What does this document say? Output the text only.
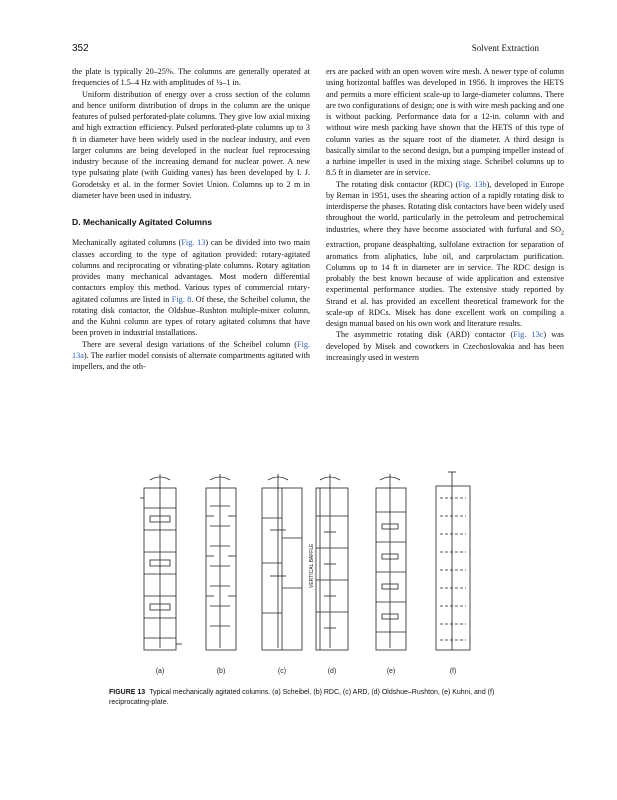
352	Solvent Extraction

the plate is typically 20–25%. The columns are generally operated at frequencies of 1.5–4 Hz with amplitudes of ¼–1 in.

Uniform distribution of energy over a cross section of the column and hence uniform distribution of drops in the column are the unique features of pulsed perforated-plate columns. They give low axial mixing and high extraction efficiency. Pulsed perforated-plate columns up to 3 ft in diameter have been widely used in the nuclear industry, and even larger columns are being developed in the nuclear fuel reprocessing industry because of the increasing demand for nuclear power. A new type pulsating plate (with Guiding vanes) has been developed by I. J. Gorodetsky et al. in the former Soviet Union. Columns up to 2 m in diameter have been used in industry.

D. Mechanically Agitated Columns

Mechanically agitated columns (Fig. 13) can be divided into two main classes according to the type of agitation provided: rotary-agitated columns and reciprocating or vibrating-plate columns. Rotary agitation provides many mechanical advantages. Most modern differential contactors employ this method. Various types of commercial rotary-agitated columns are listed in Fig. 8. Of these, the Scheibel column, the rotating disk contactor, the Oldshue–Rushton multiple-mixer column, and the Kuhni column are types of rotary agitated columns that have been proven in industrial installations.

There are several design variations of the Scheibel column (Fig. 13a). The earlier model consists of alternate compartments agitated with impellers, and the oth-

ers are packed with an open woven wire mesh. A newer type of column using horizontal baffles was developed in 1956. It improves the HETS and permits a more efficient scale-up to large-diameter columns. There are two configurations of design; one is with wire mesh packing and one is without packing. Performance data for a 12-in. column with and without wire mesh packing have shown that the HETS of this type of column varies as the square root of the diameter. A third design is basically similar to the second design, but a pumping impeller instead of a turbine impeller is used in the mixing stage. Scheibel columns up to 8.5 ft in diameter are in service.

The rotating disk contactor (RDC) (Fig. 13b), developed in Europe by Reman in 1951, uses the shearing action of a rapidly rotating disk to interdisperse the phases. Rotating disk contactors have been widely used throughout the world, particularly in the petroleum and petrochemical industries, where they have become associated with furfural and $SO_2$ extraction, propane deasphalting, sulfolane extraction for separation of aromatics from aliphatics, lube oil, and carprolactam purification. Columns up to 14 ft in diameter are in service. The RDC design is probably the best known because of wide application and extensive experimental performance studies. The extensive study reported by Strand et al. has provided an excellent theoretical framework for the scale-up of RDCs. Misek has done excellent work on compiling a design manual based on his own work and literature results.

The asymmetric rotating disk (ARD) contactor (Fig. 13c) was developed by Misek and coworkers in Czechoslovakia and has been increasingly used in western

VERTICAL BAFFLE
(a)	(b)	(c)	(d)	(e)	(f)
FIGURE 13 Typical mechanically agitated columns. (a) Scheibel, (b) RDC, (c) ARD, (d) Oldshue–Rushton, (e) Kuhni, and (f) reciprocating-plate.
